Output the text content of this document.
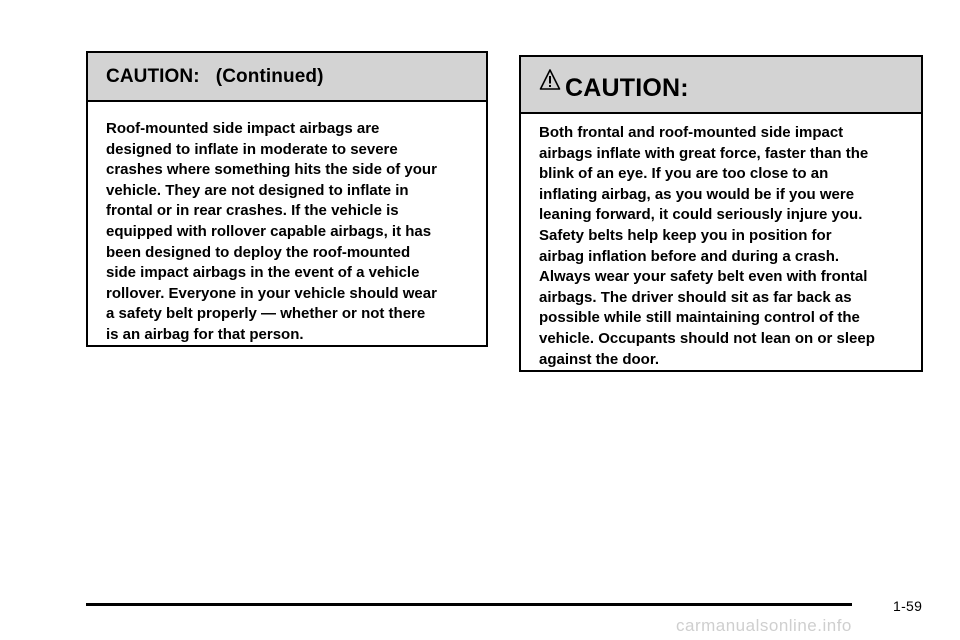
CAUTION:   (Continued)
Roof-mounted side impact airbags are
designed to inflate in moderate to severe
crashes where something hits the side of your
vehicle. They are not designed to inflate in
frontal or in rear crashes. If the vehicle is
equipped with rollover capable airbags, it has
been designed to deploy the roof-mounted
side impact airbags in the event of a vehicle
rollover. Everyone in your vehicle should wear
a safety belt properly — whether or not there
is an airbag for that person.
CAUTION:
Both frontal and roof-mounted side impact
airbags inflate with great force, faster than the
blink of an eye. If you are too close to an
inflating airbag, as you would be if you were
leaning forward, it could seriously injure you.
Safety belts help keep you in position for
airbag inflation before and during a crash.
Always wear your safety belt even with frontal
airbags. The driver should sit as far back as
possible while still maintaining control of the
vehicle. Occupants should not lean on or sleep
against the door.
1-59
carmanualsonline.info
